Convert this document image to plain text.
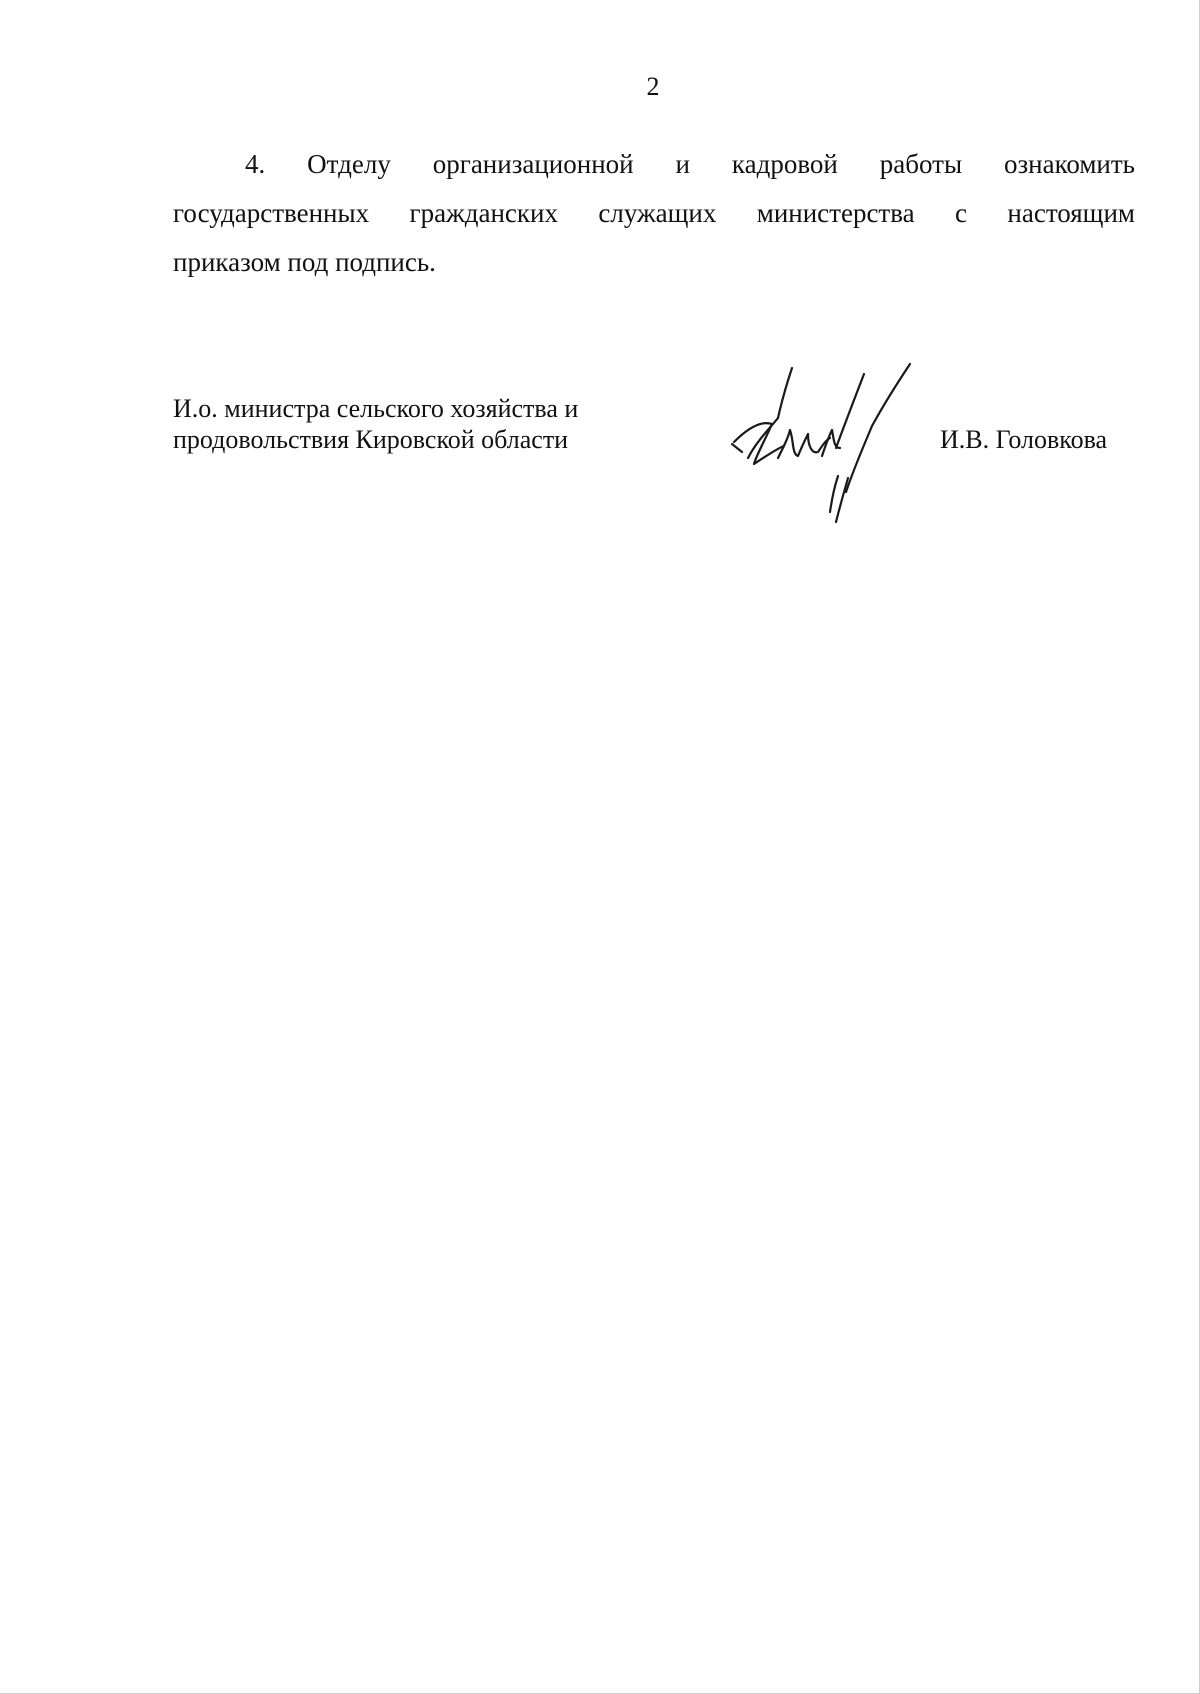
2
4. Отделу организационной и кадровой работы ознакомить
государственных гражданских служащих министерства с настоящим
приказом под подпись.
И.о. министра сельского хозяйства и
продовольствия Кировской области	И.В. Головкова
